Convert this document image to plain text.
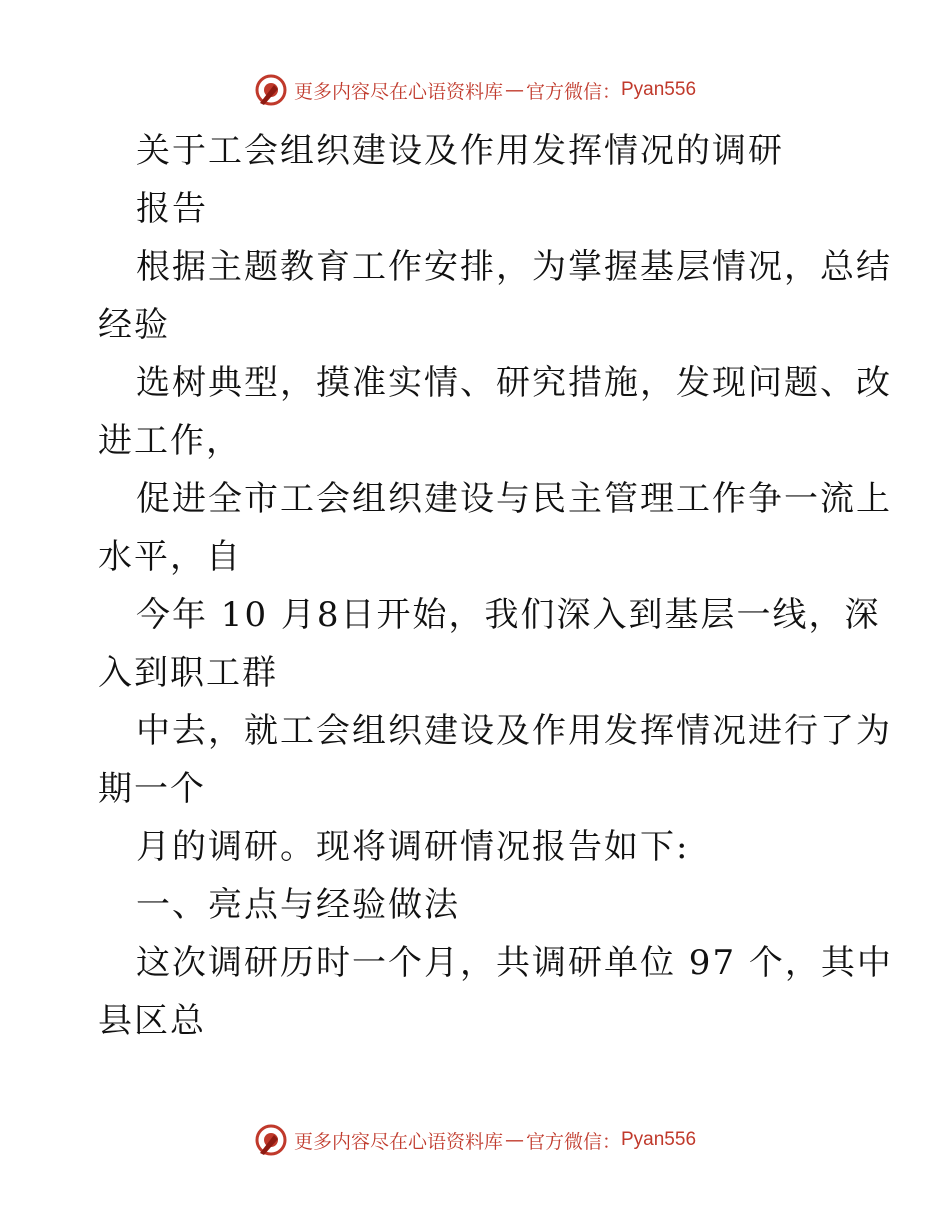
更多内容尽在心语资料库 — 官方微信： Pyan556
关于工会组织建设及作用发挥情况的调研
报告
根据主题教育工作安排，为掌握基层情况，总结
经验
选树典型，摸准实情、研究措施，发现问题、改
进工作，
促进全市工会组织建设与民主管理工作争一流上
水平，自
今年 10 月8日开始，我们深入到基层一线，深
入到职工群
中去，就工会组织建设及作用发挥情况进行了为
期一个
月的调研。现将调研情况报告如下:
一、亮点与经验做法
这次调研历时一个月，共调研单位 97 个，其中
县区总
更多内容尽在心语资料库 — 官方微信： Pyan556
